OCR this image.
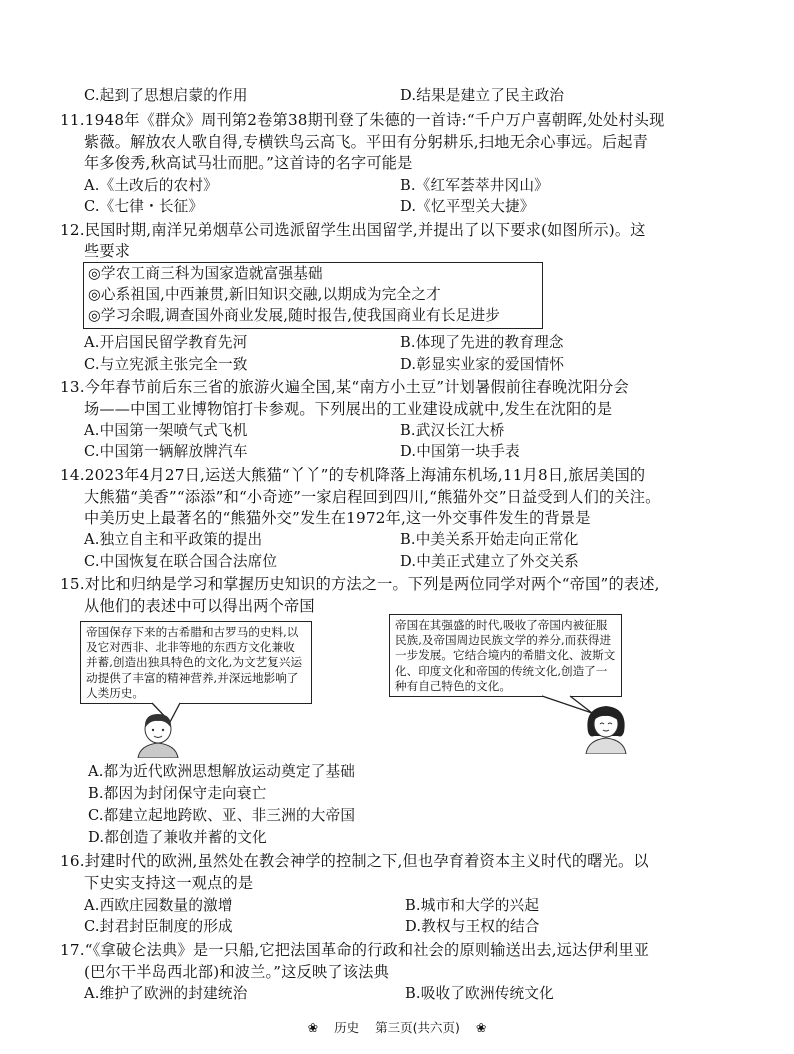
C.起到了思想启蒙的作用	D.结果是建立了民主政治
11.1948年《群众》周刊第2卷第38期刊登了朱德的一首诗:“千户万户喜朝晖,处处村头现
紫薇。解放农人歌自得,专横铁鸟云高飞。平田有分躬耕乐,扫地无余心事远。后起青
年多俊秀,秋高试马壮而肥。”这首诗的名字可能是
A.《土改后的农村》	B.《红军荟萃井冈山》
C.《七律・长征》	D.《忆平型关大捷》
12.民国时期,南洋兄弟烟草公司选派留学生出国留学,并提出了以下要求(如图所示)。这
些要求
◎学农工商三科为国家造就富强基础
◎心系祖国,中西兼贯,新旧知识交融,以期成为完全之才
◎学习余暇,调查国外商业发展,随时报告,使我国商业有长足进步
A.开启国民留学教育先河	B.体现了先进的教育理念
C.与立宪派主张完全一致	D.彰显实业家的爱国情怀
13.今年春节前后东三省的旅游火遍全国,某“南方小土豆”计划暑假前往春晚沈阳分会
场——中国工业博物馆打卡参观。下列展出的工业建设成就中,发生在沈阳的是
A.中国第一架喷气式飞机	B.武汉长江大桥
C.中国第一辆解放牌汽车	D.中国第一块手表
14.2023年4月27日,运送大熊猫“丫丫”的专机降落上海浦东机场,11月8日,旅居美国的
大熊猫“美香”“添添”和“小奇迹”一家启程回到四川,“熊猫外交”日益受到人们的关注。
中美历史上最著名的“熊猫外交”发生在1972年,这一外交事件发生的背景是
A.独立自主和平政策的提出	B.中美关系开始走向正常化
C.中国恢复在联合国合法席位	D.中美正式建立了外交关系
15.对比和归纳是学习和掌握历史知识的方法之一。下列是两位同学对两个“帝国”的表述,
从他们的表述中可以得出两个帝国
帝国保存下来的古希腊和古罗马的史料,以及它对西非、北非等地的东西方文化兼收并蓄,创造出独具特色的文化,为文艺复兴运动提供了丰富的精神营养,并深远地影响了人类历史。
帝国在其强盛的时代,吸收了帝国内被征服民族,及帝国周边民族文学的养分,而获得进一步发展。它结合境内的希腊文化、波斯文化、印度文化和帝国的传统文化,创造了一种有自己特色的文化。
A.都为近代欧洲思想解放运动奠定了基础
B.都因为封闭保守走向衰亡
C.都建立起地跨欧、亚、非三洲的大帝国
D.都创造了兼收并蓄的文化
16.封建时代的欧洲,虽然处在教会神学的控制之下,但也孕育着资本主义时代的曙光。以
下史实支持这一观点的是
A.西欧庄园数量的激增	B.城市和大学的兴起
C.封君封臣制度的形成	D.教权与王权的结合
17.“《拿破仑法典》是一只船,它把法国革命的行政和社会的原则输送出去,远达伊利里亚
(巴尔干半岛西北部)和波兰。”这反映了该法典
A.维护了欧洲的封建统治	B.吸收了欧洲传统文化
❀ 历史 第三页(共六页) ❀
